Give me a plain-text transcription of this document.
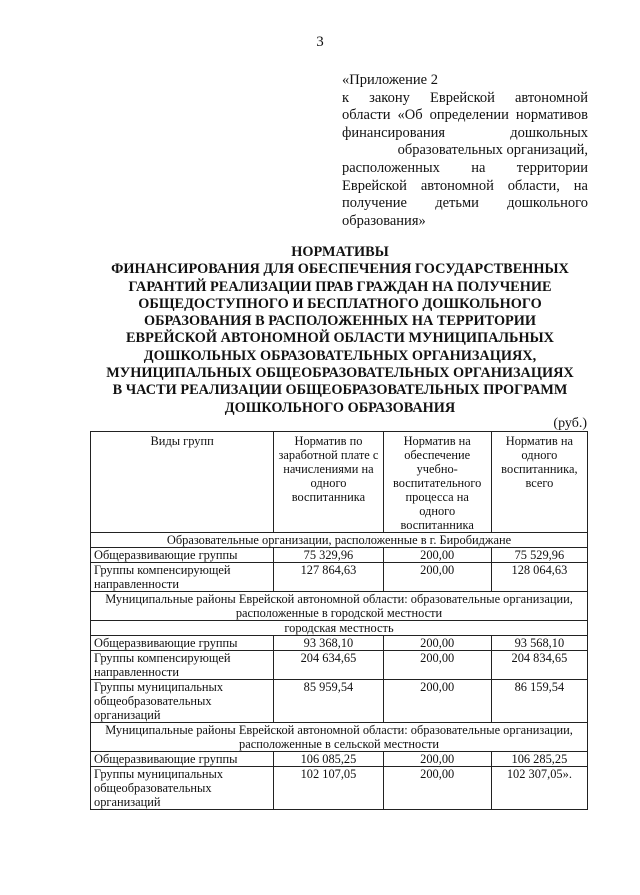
3
«Приложение 2
к закону Еврейской автономной
области «Об определении нормативов
финансирования дошкольных
образовательных организаций,
расположенных на территории
Еврейской автономной области, на
получение детьми дошкольного
образования»
НОРМАТИВЫ
ФИНАНСИРОВАНИЯ ДЛЯ ОБЕСПЕЧЕНИЯ ГОСУДАРСТВЕННЫХ
ГАРАНТИЙ РЕАЛИЗАЦИИ ПРАВ ГРАЖДАН НА ПОЛУЧЕНИЕ
ОБЩЕДОСТУПНОГО И БЕСПЛАТНОГО ДОШКОЛЬНОГО
ОБРАЗОВАНИЯ В РАСПОЛОЖЕННЫХ НА ТЕРРИТОРИИ
ЕВРЕЙСКОЙ АВТОНОМНОЙ ОБЛАСТИ МУНИЦИПАЛЬНЫХ
ДОШКОЛЬНЫХ ОБРАЗОВАТЕЛЬНЫХ ОРГАНИЗАЦИЯХ,
МУНИЦИПАЛЬНЫХ ОБЩЕОБРАЗОВАТЕЛЬНЫХ ОРГАНИЗАЦИЯХ
В ЧАСТИ РЕАЛИЗАЦИИ ОБЩЕОБРАЗОВАТЕЛЬНЫХ ПРОГРАММ
ДОШКОЛЬНОГО ОБРАЗОВАНИЯ
(руб.)
Виды групп	Норматив по заработной плате с начислениями на одного воспитанника	Норматив на обеспечение учебно-воспитательного процесса на одного воспитанника	Норматив на одного воспитанника, всего
Образовательные организации, расположенные в г. Биробиджане			
Общеразвивающие группы	75 329,96	200,00	75 529,96
Группы компенсирующей направленности	127 864,63	200,00	128 064,63
Муниципальные районы Еврейской автономной области: образовательные организации, расположенные в городской местности			
городская местность			
Общеразвивающие группы	93 368,10	200,00	93 568,10
Группы компенсирующей направленности	204 634,65	200,00	204 834,65
Группы муниципальных общеобразовательных организаций	85 959,54	200,00	86 159,54
Муниципальные районы Еврейской автономной области: образовательные организации, расположенные в сельской местности			
Общеразвивающие группы	106 085,25	200,00	106 285,25
Группы муниципальных общеобразовательных организаций	102 107,05	200,00	102 307,05».
